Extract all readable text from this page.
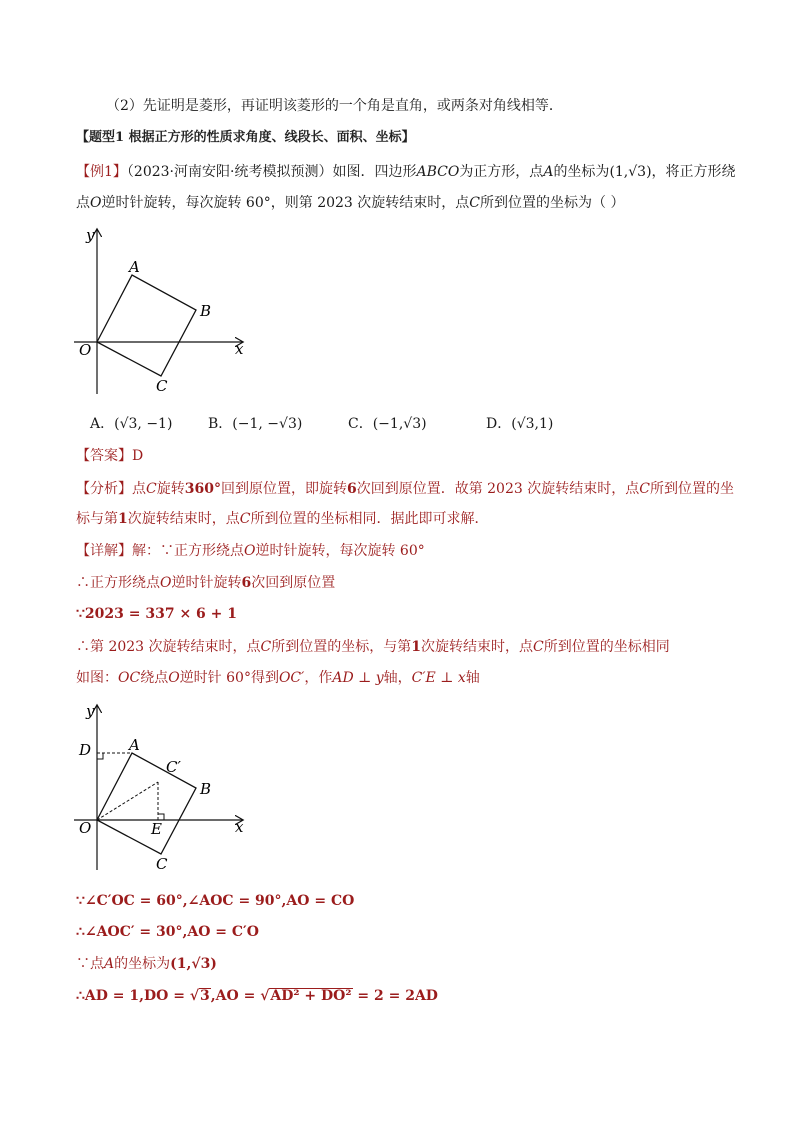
（2）先证明是菱形，再证明该菱形的一个角是直角，或两条对角线相等．
【题型1 根据正方形的性质求角度、线段长、面积、坐标】
【例1】（2023·河南安阳·统考模拟预测）如图．四边形ABCO为正方形，点A的坐标为(1,√3)，将正方形绕
点O逆时针旋转，每次旋转 60°，则第 2023 次旋转结束时，点C所到位置的坐标为（ ）
y
x
O
A
B
C
A．(√3, −1)	B．(−1, −√3)	C．(−1,√3)	D．(√3,1)
【答案】D
【分析】点C旋转360°回到原位置，即旋转6次回到原位置．故第 2023 次旋转结束时，点C所到位置的坐
标与第1次旋转结束时，点C所到位置的坐标相同．据此即可求解．
【详解】解：∵正方形绕点O逆时针旋转，每次旋转 60°
∴正方形绕点O逆时针旋转6次回到原位置
∵2023 = 337 × 6 + 1
∴第 2023 次旋转结束时，点C所到位置的坐标，与第1次旋转结束时，点C所到位置的坐标相同
如图：OC绕点O逆时针 60°得到OC′，作AD ⊥ y轴，C′E ⊥ x轴
y
x
O
D	A
C′
B
E
C
∵∠C′OC = 60°,∠AOC = 90°,AO = CO
∴∠AOC′ = 30°,AO = C′O
∵点A的坐标为(1,√3)
∴AD = 1,DO = √3,AO = √AD² + DO² = 2 = 2AD
